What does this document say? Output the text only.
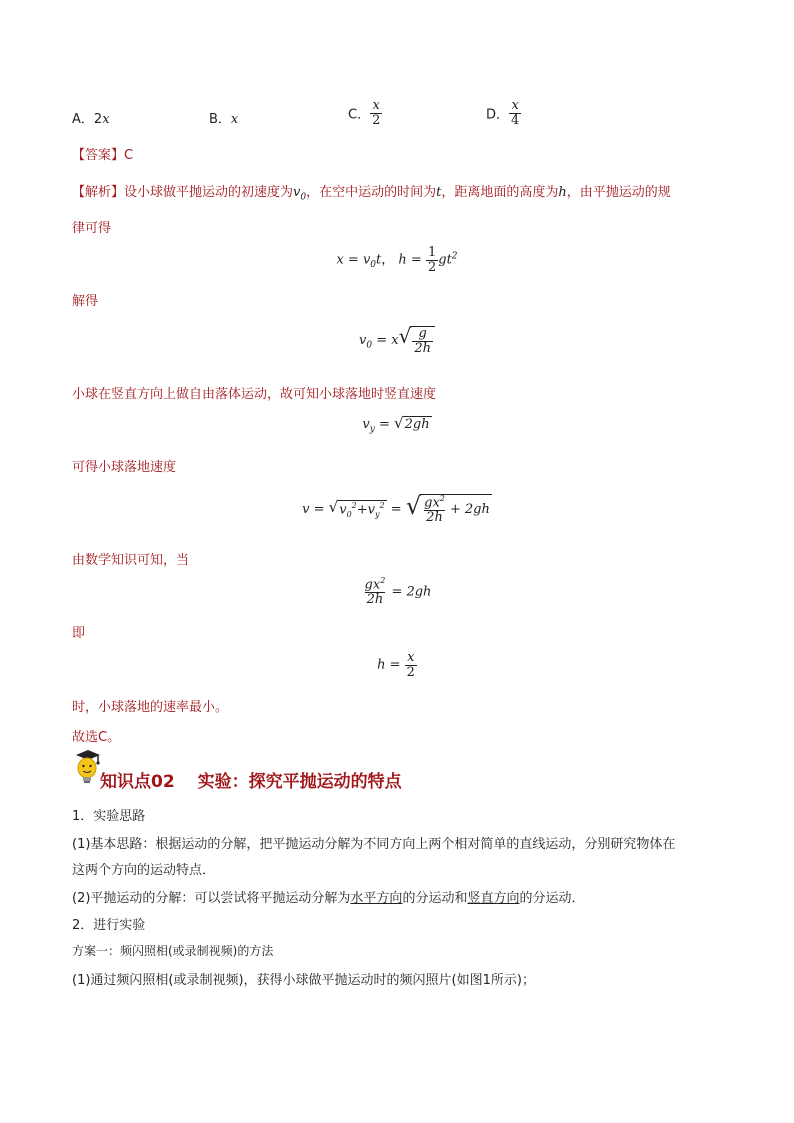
A．2x	B．x	C． $\frac{x}{2}$	D． $\frac{x}{4}$
【答案】C
【解析】设小球做平抛运动的初速度为$v_0$，在空中运动的时间为t，距离地面的高度为h，由平抛运动的规
律可得
$x = v_0t$， $h = \frac{1}{2} gt^2$
解得
$v_0 = x$ √ $\frac{g}{2h}$
小球在竖直方向上做自由落体运动，故可知小球落地时竖直速度
$v_y$ = √ 2gh
可得小球落地速度
v = √ $v_0^2+v_y^2$ = √ $\frac{gx^2}{2h} + 2gh$
由数学知识可知，当
$\frac{gx^2}{2h} = 2gh$
即
$h = \frac{x}{2}$
时，小球落地的速率最小。
故选C。
知识点02　 实验：探究平抛运动的特点
1．实验思路
(1)基本思路：根据运动的分解，把平抛运动分解为不同方向上两个相对简单的直线运动，分别研究物体在
这两个方向的运动特点．
(2)平抛运动的分解：可以尝试将平抛运动分解为水平方向的分运动和竖直方向的分运动．
2．进行实验
方案一：频闪照相(或录制视频)的方法
(1)通过频闪照相(或录制视频)，获得小球做平抛运动时的频闪照片(如图1所示)；
